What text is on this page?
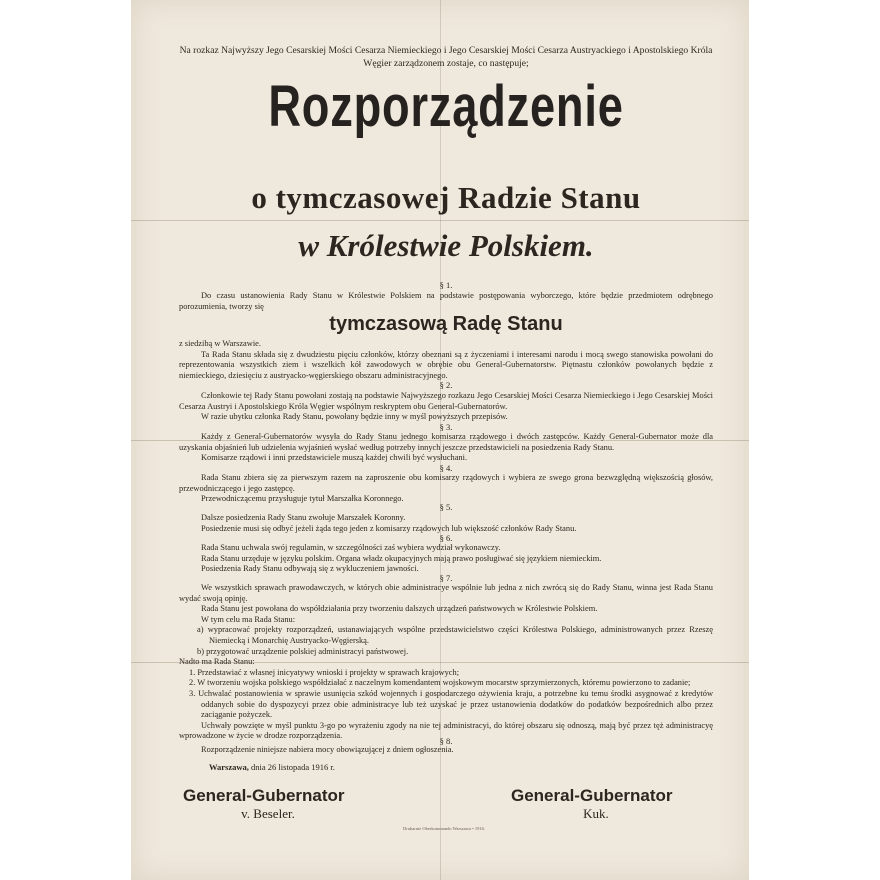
Na rozkaz Najwyższy Jego Cesarskiej Mości Cesarza Niemieckiego i Jego Cesarskiej Mości Cesarza Austryackiego i Apostolskiego Króla Węgier zarządzonem zostaje, co następuje;
Rozporządzenie
o tymczasowej Radzie Stanu
w Królestwie Polskiem.
§ 1.

Do czasu ustanowienia Rady Stanu w Królestwie Polskiem na podstawie postępowania wyborczego, które będzie przedmiotem odrębnego porozumienia, tworzy się

tymczasową Radę Stanu

z siedzibą w Warszawie.

Ta Rada Stanu składa się z dwudziestu pięciu członków, którzy obeznani są z życzeniami i interesami narodu i mocą swego stanowiska powołani do reprezentowania wszystkich ziem i wszelkich kół zawodowych w obrębie obu General-Gubernatorstw. Piętnastu członków powołanych będzie z niemieckiego, dziesięciu z austryacko-węgierskiego obszaru administracyjnego.

§ 2.

Członkowie tej Rady Stanu powołani zostają na podstawie Najwyższego rozkazu Jego Cesarskiej Mości Cesarza Niemieckiego i Jego Cesarskiej Mości Cesarza Austryi i Apostolskiego Króla Węgier wspólnym reskryptem obu General-Gubernatorów.

W razie ubytku członka Rady Stanu, powołany będzie inny w myśl powyższych przepisów.

§ 3.

Każdy z General-Gubernatorów wysyła do Rady Stanu jednego komisarza rządowego i dwóch zastępców. Każdy General-Gubernator może dla uzyskania objaśnień lub udzielenia wyjaśnień wysłać według potrzeby innych jeszcze przedstawicieli na posiedzenia Rady Stanu.

Komisarze rządowi i inni przedstawiciele muszą każdej chwili być wysłuchani.

§ 4.

Rada Stanu zbiera się za pierwszym razem na zaproszenie obu komisarzy rządowych i wybiera ze swego grona bezwzględną większością głosów, przewodniczącego i jego zastępcę.

Przewodniczącemu przysługuje tytuł Marszałka Koronnego.

§ 5.

Dalsze posiedzenia Rady Stanu zwołuje Marszałek Koronny.

Posiedzenie musi się odbyć jeżeli żąda tego jeden z komisarzy rządowych lub większość członków Rady Stanu.

§ 6.

Rada Stanu uchwala swój regulamin, w szczególności zaś wybiera wydział wykonawczy.

Rada Stanu urzęduje w języku polskim. Organa władz okupacyjnych mają prawo posługiwać się językiem niemieckim.

Posiedzenia Rady Stanu odbywają się z wykluczeniem jawności.

§ 7.

We wszystkich sprawach prawodawczych, w których obie administracye wspólnie lub jedna z nich zwrócą się do Rady Stanu, winna jest Rada Stanu wydać swoją opinję.

Rada Stanu jest powołana do współdziałania przy tworzeniu dalszych urządzeń państwowych w Królestwie Polskiem.

W tym celu ma Rada Stanu:

a) wypracować projekty rozporządzeń, ustanawiających wspólne przedstawicielstwo części Królestwa Polskiego, administrowanych przez Rzeszę Niemiecką i Monarchię Austryacko-Węgierską.

b) przygotować urządzenie polskiej administracyi państwowej.

Nadto ma Rada Stanu:

1. Przedstawiać z własnej inicyatywy wnioski i projekty w sprawach krajowych;

2. W tworzeniu wojska polskiego współdziałać z naczelnym komendantem wojskowym mocarstw sprzymierzonych, któremu powierzono to zadanie;

3. Uchwalać postanowienia w sprawie usunięcia szkód wojennych i gospodarczego ożywienia kraju, a potrzebne ku temu środki asygnować z kredytów oddanych sobie do dyspozycyi przez obie administracye lub też uzyskać je przez ustanowienia dodatków do podatków bezpośrednich albo przez zaciąganie pożyczek.

Uchwały powzięte w myśl punktu 3-go po wyrażeniu zgody na nie tej administracyi, do której obszaru się odnoszą, mają być przez tęż administracyę wprowadzone w życie w drodze rozporządzenia.

§ 8.

Rozporządzenie niniejsze nabiera mocy obowiązującej z dniem ogłoszenia.

Warszawa, dnia 26 listopada 1916 r.
General-Gubernator
v. Beseler.
General-Gubernator
Kuk.
Drukarnie Oberkommando Warszawa • 1916.
